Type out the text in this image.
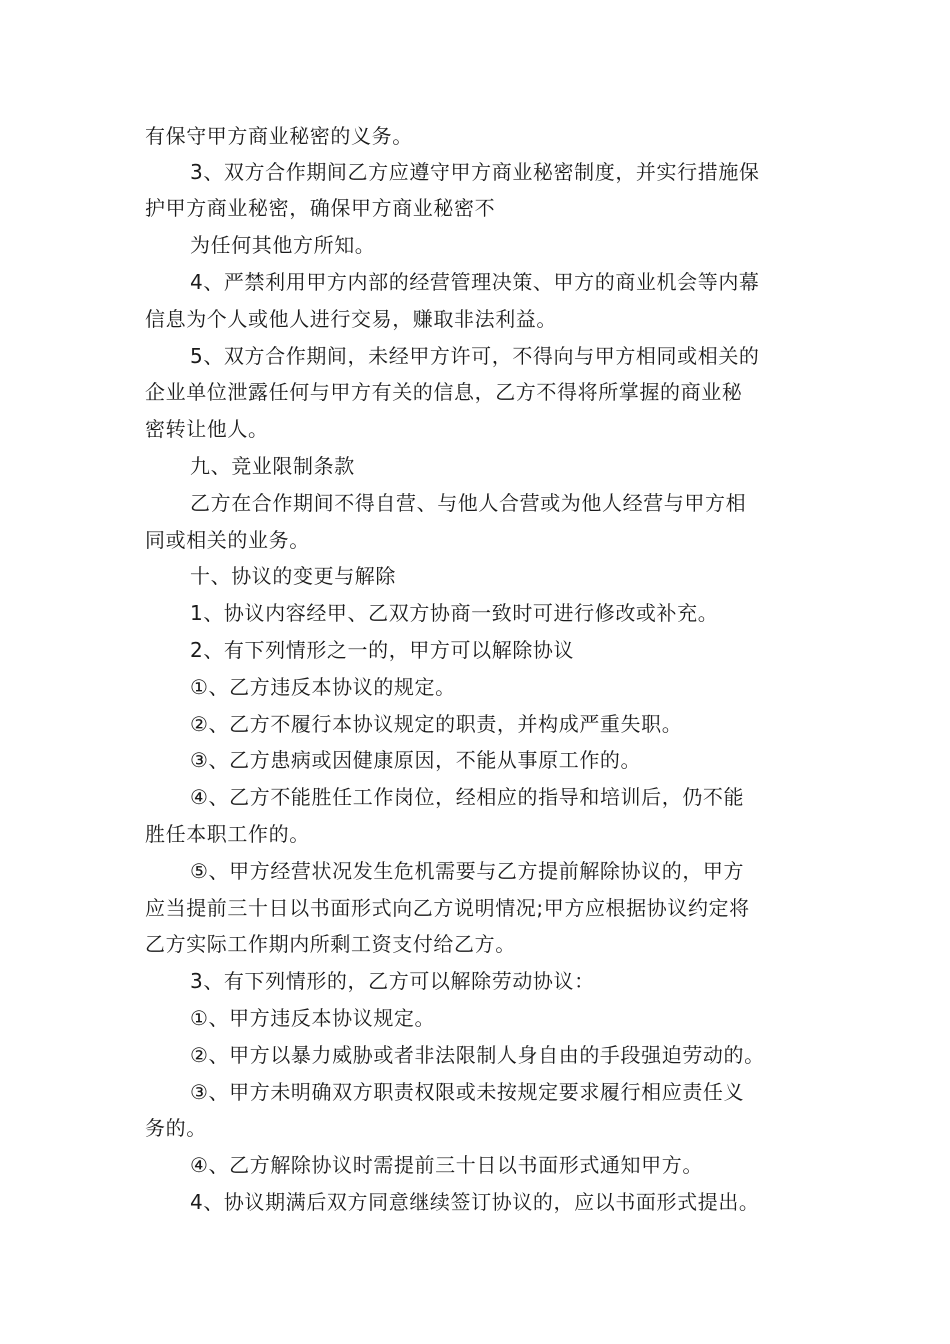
有保守甲方商业秘密的义务。
3、双方合作期间乙方应遵守甲方商业秘密制度，并实行措施保
护甲方商业秘密，确保甲方商业秘密不
为任何其他方所知。
4、严禁利用甲方内部的经营管理决策、甲方的商业机会等内幕
信息为个人或他人进行交易，赚取非法利益。
5、双方合作期间，未经甲方许可，不得向与甲方相同或相关的
企业单位泄露任何与甲方有关的信息，乙方不得将所掌握的商业秘
密转让他人。
九、竞业限制条款
乙方在合作期间不得自营、与他人合营或为他人经营与甲方相
同或相关的业务。
十、协议的变更与解除
1、协议内容经甲、乙双方协商一致时可进行修改或补充。
2、有下列情形之一的，甲方可以解除协议
①、乙方违反本协议的规定。
②、乙方不履行本协议规定的职责，并构成严重失职。
③、乙方患病或因健康原因，不能从事原工作的。
④、乙方不能胜任工作岗位，经相应的指导和培训后，仍不能
胜任本职工作的。
⑤、甲方经营状况发生危机需要与乙方提前解除协议的，甲方
应当提前三十日以书面形式向乙方说明情况;甲方应根据协议约定将
乙方实际工作期内所剩工资支付给乙方。
3、有下列情形的，乙方可以解除劳动协议：
①、甲方违反本协议规定。
②、甲方以暴力威胁或者非法限制人身自由的手段强迫劳动的。
③、甲方未明确双方职责权限或未按规定要求履行相应责任义
务的。
④、乙方解除协议时需提前三十日以书面形式通知甲方。
4、协议期满后双方同意继续签订协议的，应以书面形式提出。
